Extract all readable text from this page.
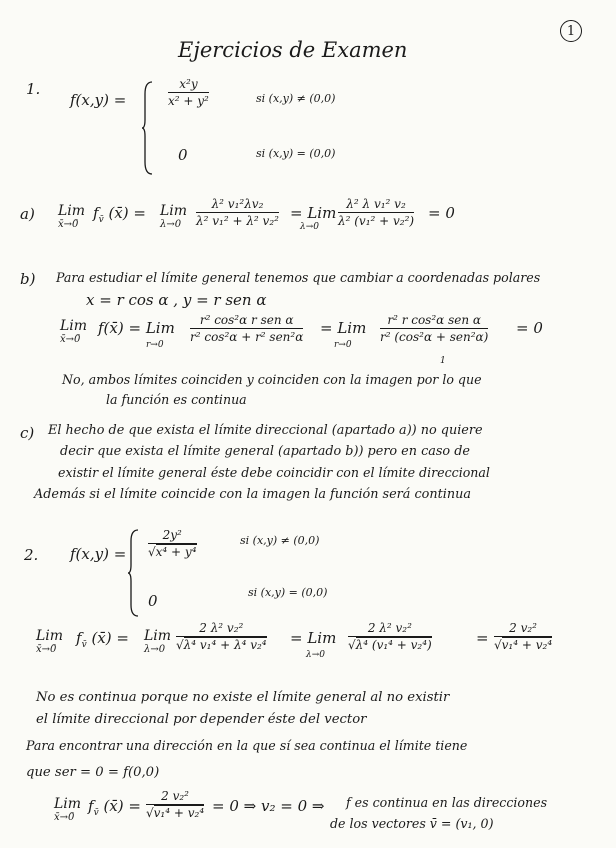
Ejercicios de Examen
1
1.
f(x,y) =
x²y
x² + y²	si (x,y) ≠ (0,0)
0	si (x,y) = (0,0)
a) Lim
x̄→0̄
$f_{v̄}$ (x̄) = Lim
λ→0
λ² v₁²λv₂
λ² v₁² + λ² v₂² = Lim
λ→0
λ² λ v₁² v₂
λ² (v₁² + v₂²) = 0
b) Para estudiar el límite general tenemos que cambiar a coordenadas polares
x = r cos α , y = r sen α
Lim
x̄→0̄
f(x̄) = Lim
r→0
r² cos²α r sen α
r² cos²α + r² sen²α = Lim
r→0
r² r cos²α sen α
r² (cos²α + sen²α) = 0
1
No, ambos límites coinciden y coinciden con la imagen por lo que
la función es continua
c) El hecho de que exista el límite direccional (apartado a)) no quiere
decir que exista el límite general (apartado b)) pero en caso de
existir el límite general éste debe coincidir con el límite direccional
Además si el límite coincide con la imagen la función será continua
2. f(x,y) =
2y²
√x⁴ + y⁴
si (x,y) ≠ (0,0)
0	si (x,y) = (0,0)
Lim
x̄→0̄
$f_{v̄}$ (x̄) = Lim
λ→0
2 λ² v₂²
√λ⁴ v₁⁴ + λ⁴ v₂⁴ = Lim
λ→0
2 λ² v₂²
√λ⁴ (v₁⁴ + v₂⁴)	=
2 v₂²
√v₁⁴ + v₂⁴
No es continua porque no existe el límite general al no existir
el límite direccional por depender éste del vector
Para encontrar una dirección en la que sí sea continua el límite tiene
que ser = 0 = f(0,0)
Lim
x̄→0̄
$f_{v̄}$ (x̄) =
2 v₂²
√v₁⁴ + v₂⁴ = 0 ⇒ v₂ = 0 ⇒ f es continua en las direcciones
de los vectores v̄ = (v₁, 0)
